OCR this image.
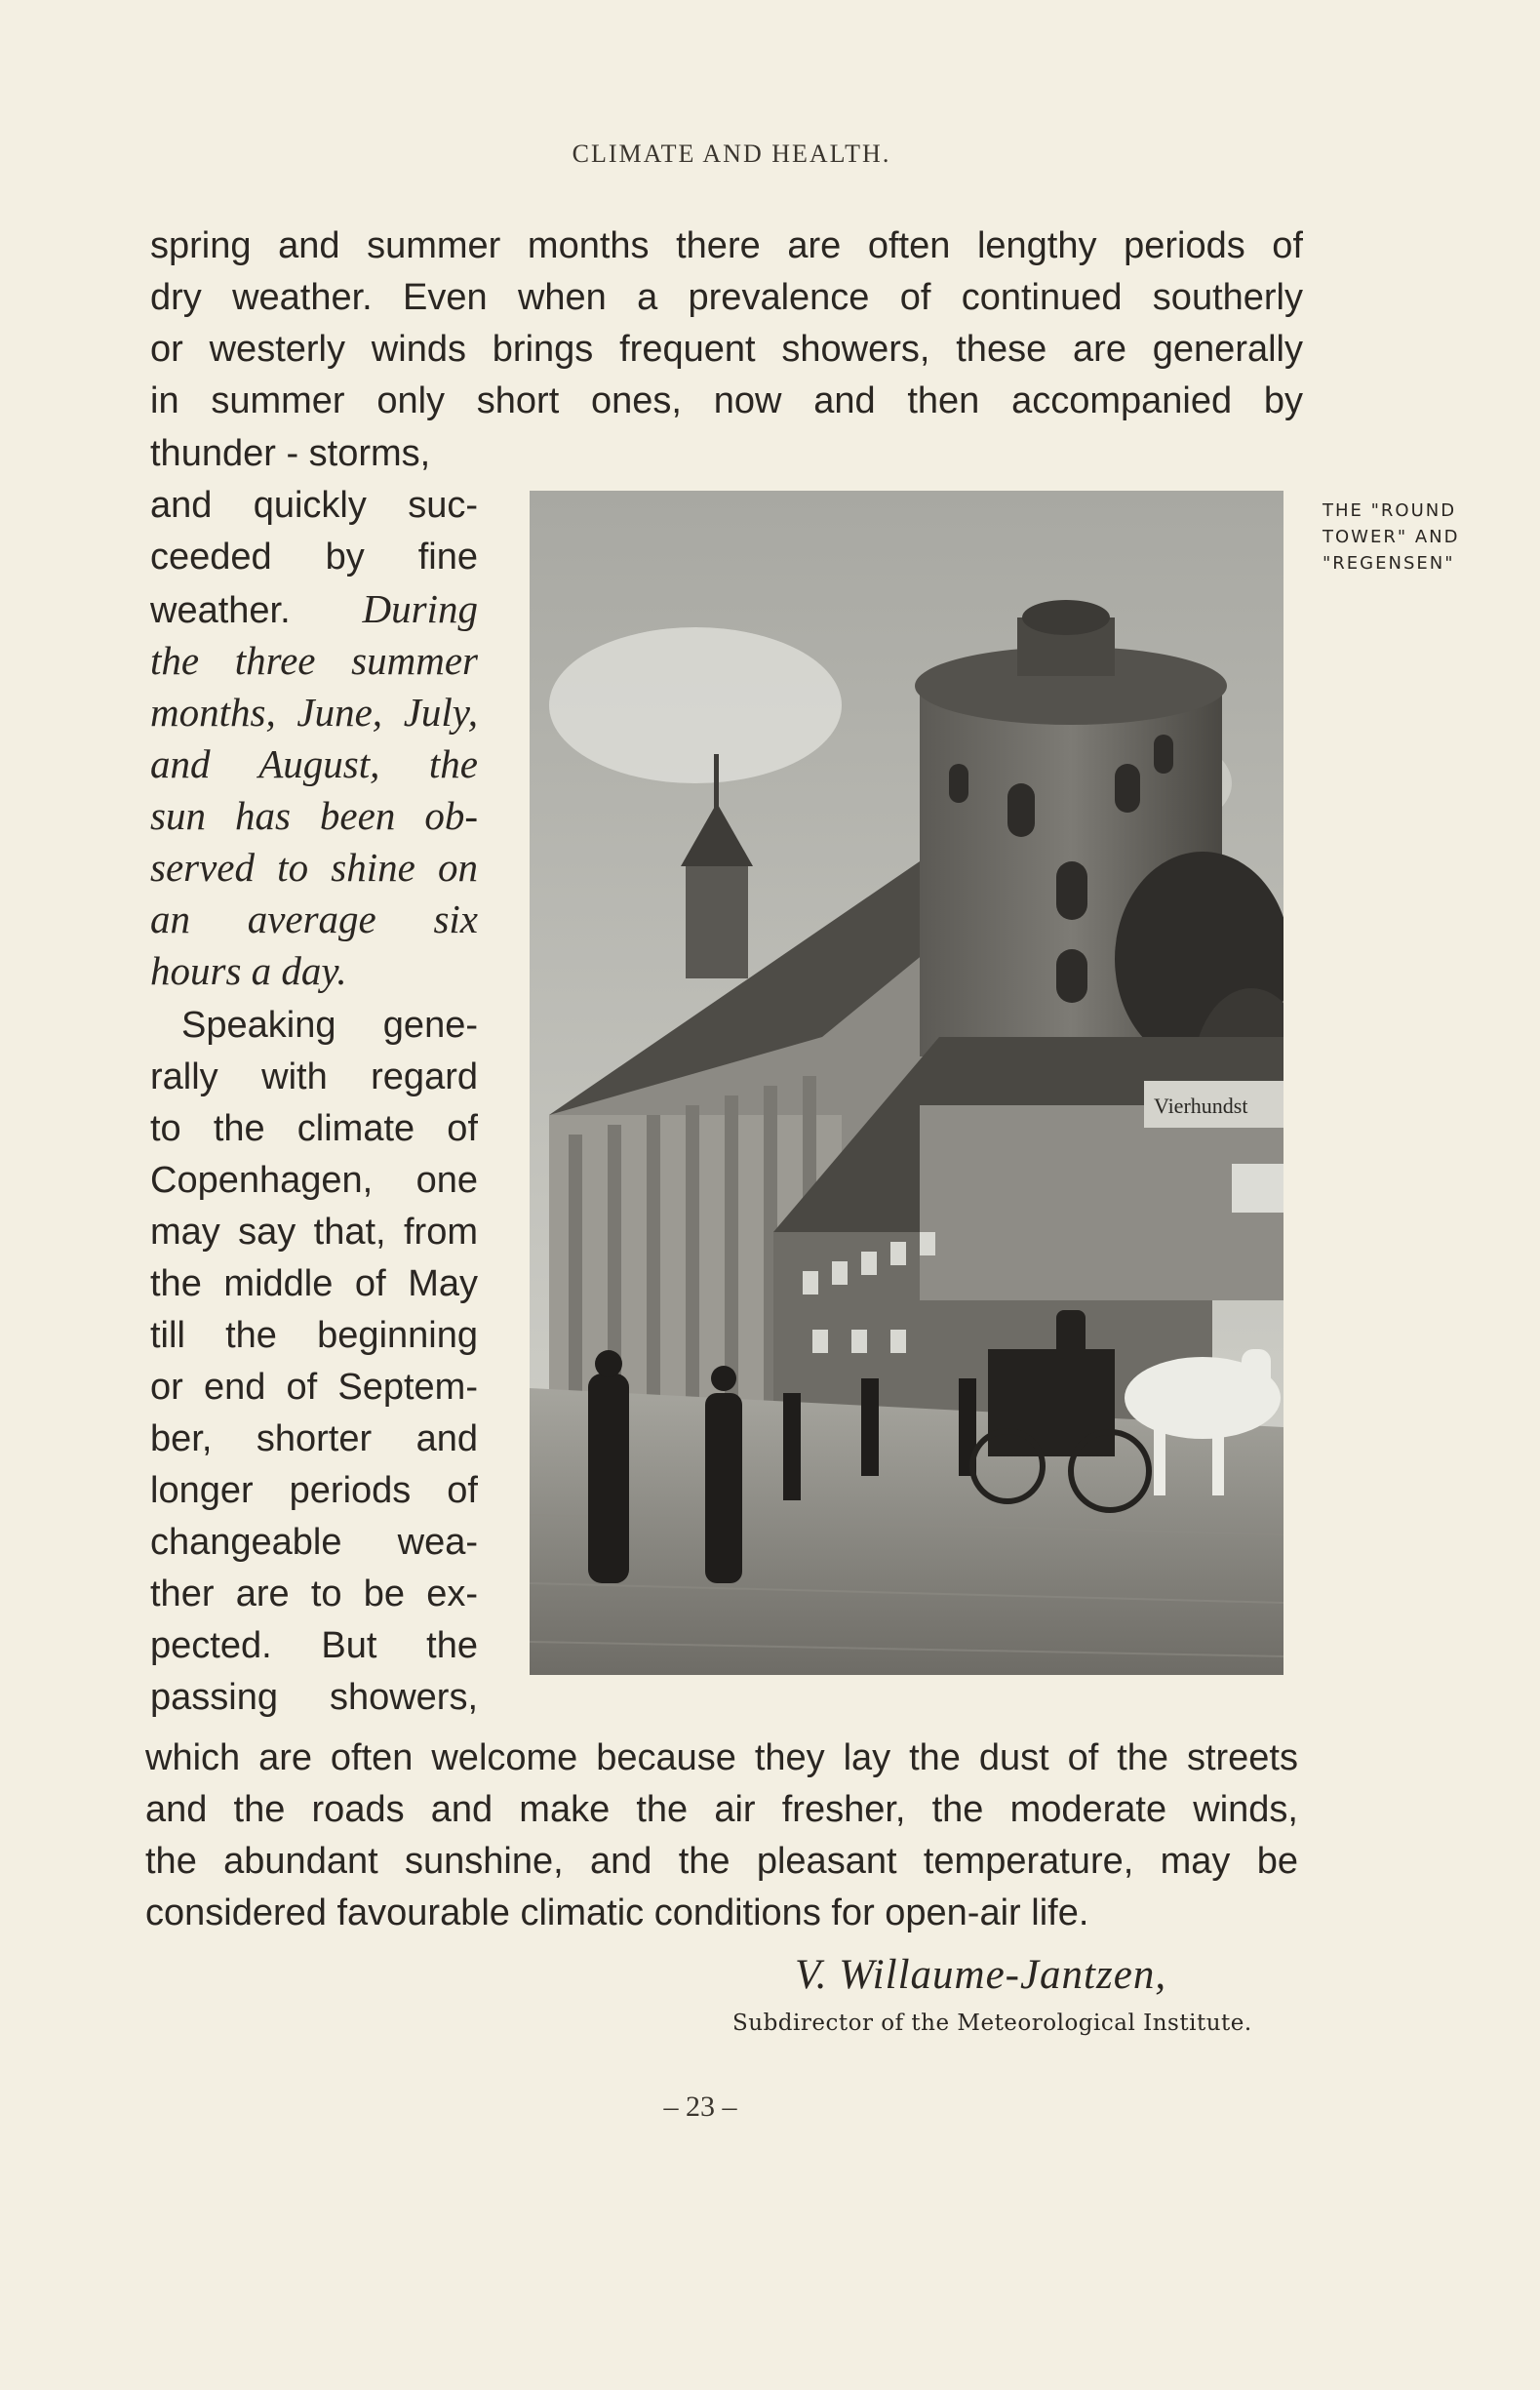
CLIMATE AND HEALTH.
spring and summer months there are often lengthy periods of
dry weather. Even when a prevalence of continued southerly
or westerly winds brings frequent showers, these are generally
in summer only short ones, now and then accompanied by
thunder - storms,
and quickly suc-
ceeded by fine
weather. During
the three summer
months, June, July,
and August, the
sun has been ob-
served to shine on
an average six
hours a day.
Speaking gene-
rally with regard
to the climate of
Copenhagen, one
may say that, from
the middle of May
till the beginning
or end of Septem-
ber, shorter and
longer periods of
changeable wea-
ther are to be ex-
pected. But the
passing showers,
which are often welcome because they lay the dust of the streets
and the roads and make the air fresher, the moderate winds,
the abundant sunshine, and the pleasant temperature, may be
considered favourable climatic conditions for open-air life.
Vierhundst
THE "ROUND
TOWER" AND
"REGENSEN"
V. Willaume-Jantzen,
Subdirector of the Meteorological Institute.
– 23 –
